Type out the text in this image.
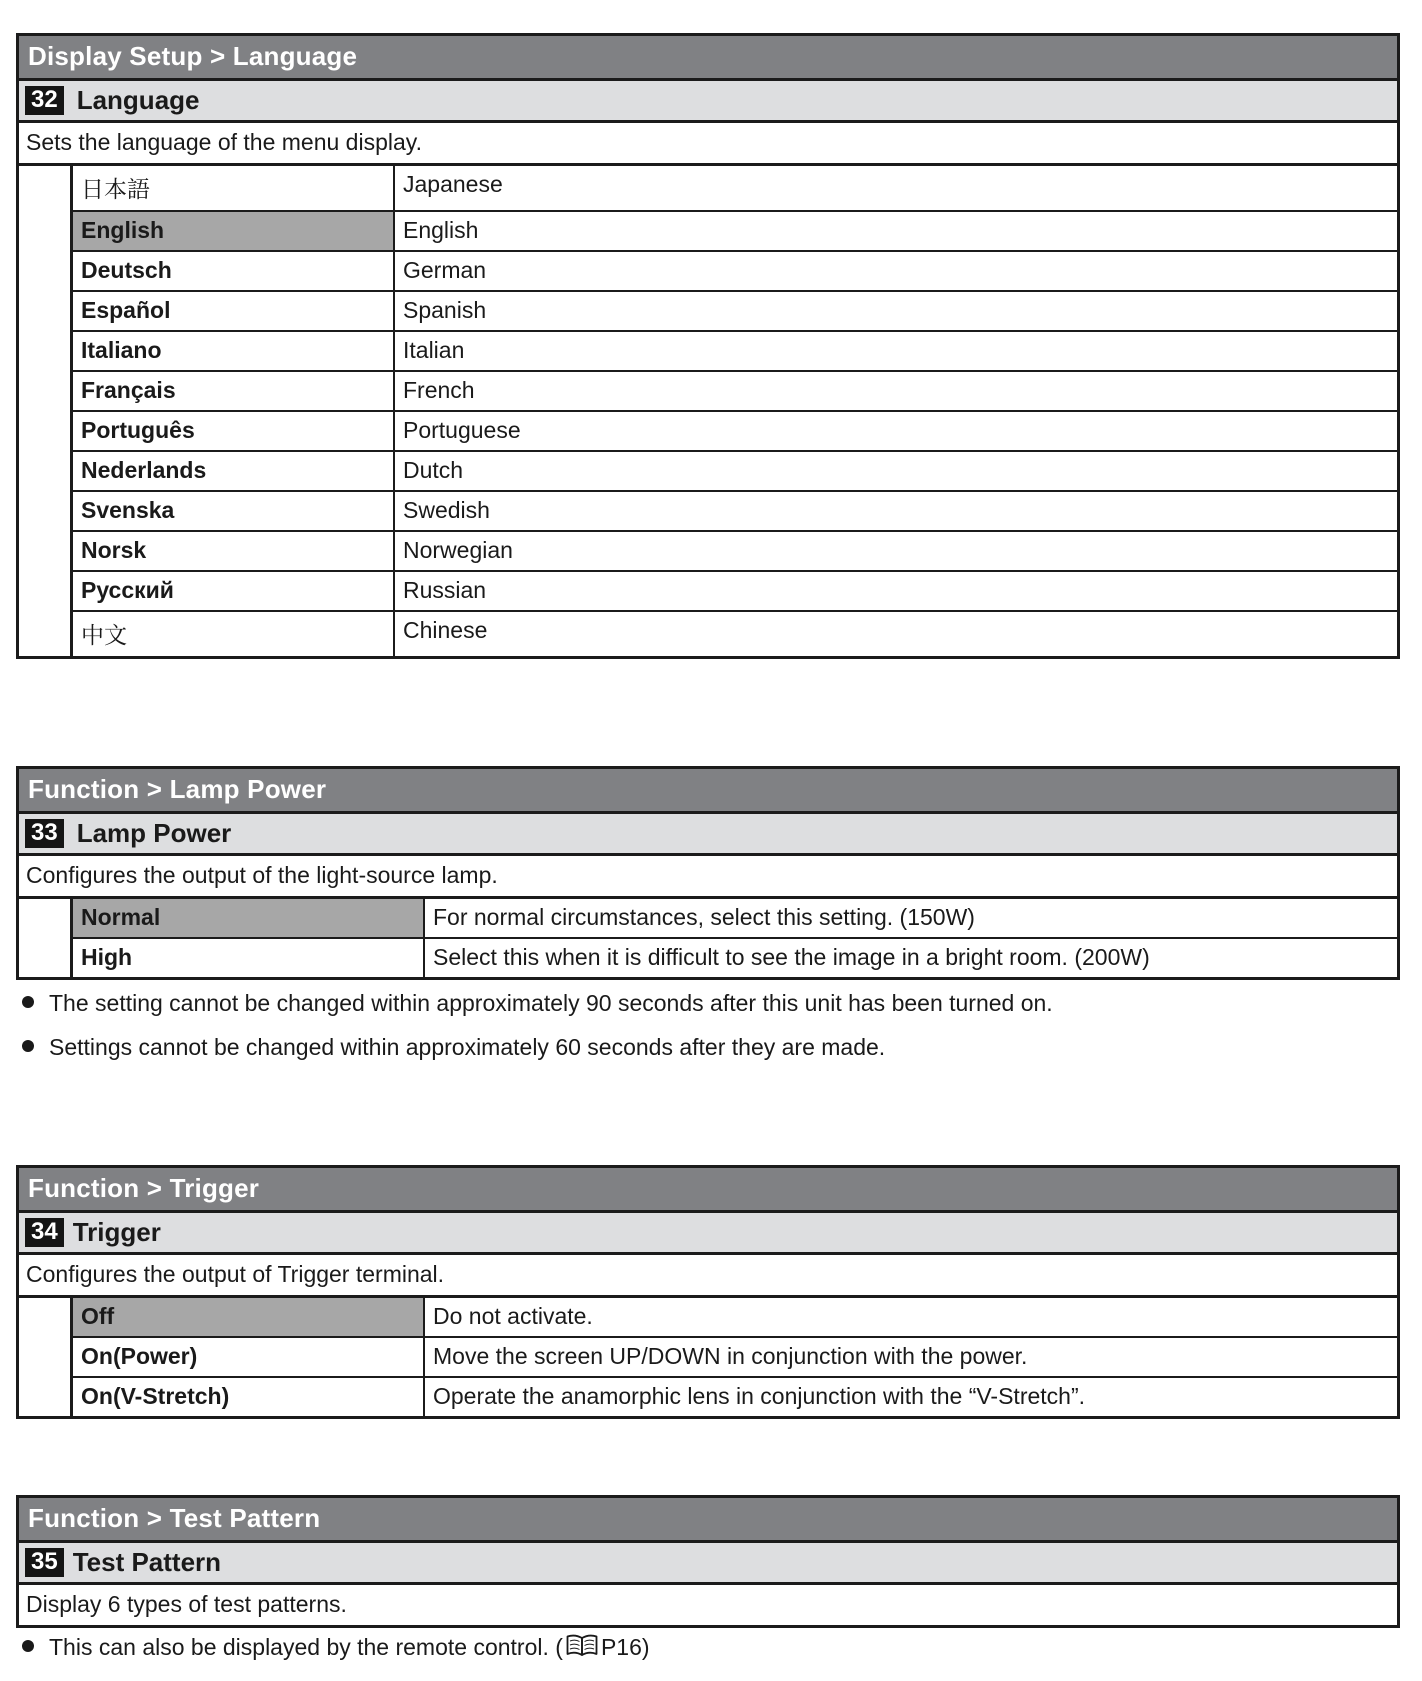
Display Setup > Language
32 Language
Sets the language of the menu display.
日本語	Japanese
English	English
Deutsch	German
Español	Spanish
Italiano	Italian
Français	French
Português	Portuguese
Nederlands	Dutch
Svenska	Swedish
Norsk	Norwegian
Русский	Russian
中文	Chinese
Function > Lamp Power
33 Lamp Power
Configures the output of the light-source lamp.
Normal	For normal circumstances, select this setting. (150W)
High	Select this when it is difficult to see the image in a bright room. (200W)
The setting cannot be changed within approximately 90 seconds after this unit has been turned on.
Settings cannot be changed within approximately 60 seconds after they are made.
Function > Trigger
34 Trigger
Configures the output of Trigger terminal.
Off	Do not activate.
On(Power)	Move the screen UP/DOWN in conjunction with the power.
On(V-Stretch)	Operate the anamorphic lens in conjunction with the “V-Stretch”.
Function > Test Pattern
35 Test Pattern
Display 6 types of test patterns.
This can also be displayed by the remote control. ( P16)
